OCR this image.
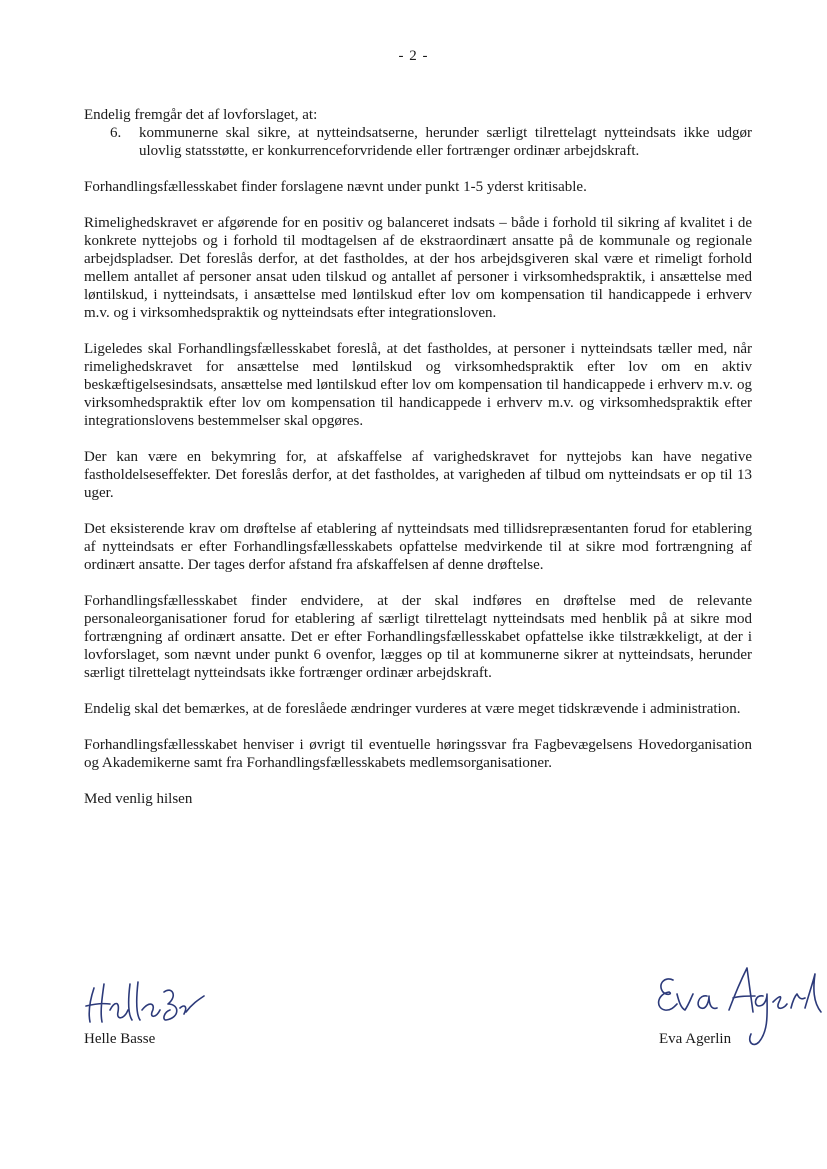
- 2 -

Endelig fremgår det af lovforslaget, at:

6.	kommunerne skal sikre, at nytteindsatserne, herunder særligt tilrettelagt nytteindsats ikke udgør ulovlig statsstøtte, er konkurrenceforvridende eller fortrænger ordinær arbejdskraft.

Forhandlingsfællesskabet finder forslagene nævnt under punkt 1-5 yderst kritisable.

Rimelighedskravet er afgørende for en positiv og balanceret indsats – både i forhold til sikring af kvalitet i de konkrete nyttejobs og i forhold til modtagelsen af de ekstraordinært ansatte på de kommunale og regionale arbejdspladser. Det foreslås derfor, at det fastholdes, at der hos arbejdsgiveren skal være et rimeligt forhold mellem antallet af personer ansat uden tilskud og antallet af personer i virksomhedspraktik, i ansættelse med løntilskud, i nytteindsats, i ansættelse med løntilskud efter lov om kompensation til handicappede i erhverv m.v. og i virksomhedspraktik og nytteindsats efter integrationsloven.

Ligeledes skal Forhandlingsfællesskabet foreslå, at det fastholdes, at personer i nytteindsats tæller med, når rimelighedskravet for ansættelse med løntilskud og virksomhedspraktik efter lov om en aktiv beskæftigelsesindsats, ansættelse med løntilskud efter lov om kompensation til handicappede i erhverv m.v. og virksomhedspraktik efter lov om kompensation til handicappede i erhverv m.v. og virksomhedspraktik efter integrationslovens bestemmelser skal opgøres.

Der kan være en bekymring for, at afskaffelse af varighedskravet for nyttejobs kan have negative fastholdelseseffekter. Det foreslås derfor, at det fastholdes, at varigheden af tilbud om nytteindsats er op til 13 uger.

Det eksisterende krav om drøftelse af etablering af nytteindsats med tillidsrepræsentanten forud for etablering af nytteindsats er efter Forhandlingsfællesskabets opfattelse medvirkende til at sikre mod fortrængning af ordinært ansatte. Der tages derfor afstand fra afskaffelsen af denne drøftelse.

Forhandlingsfællesskabet finder endvidere, at der skal indføres en drøftelse med de relevante personaleorganisationer forud for etablering af særligt tilrettelagt nytteindsats med henblik på at sikre mod fortrængning af ordinært ansatte. Det er efter Forhandlingsfællesskabet opfattelse ikke tilstrækkeligt, at der i lovforslaget, som nævnt under punkt 6 ovenfor, lægges op til at kommunerne sikrer at nytteindsats, herunder særligt tilrettelagt nytteindsats ikke fortrænger ordinær arbejdskraft.

Endelig skal det bemærkes, at de foreslåede ændringer vurderes at være meget tidskrævende i administration.

Forhandlingsfællesskabet henviser i øvrigt til eventuelle høringssvar fra Fagbevægelsens Hovedorganisation og Akademikerne samt fra Forhandlingsfællesskabets medlemsorganisationer.

Med venlig hilsen

Helle Basse	Eva Agerlin
